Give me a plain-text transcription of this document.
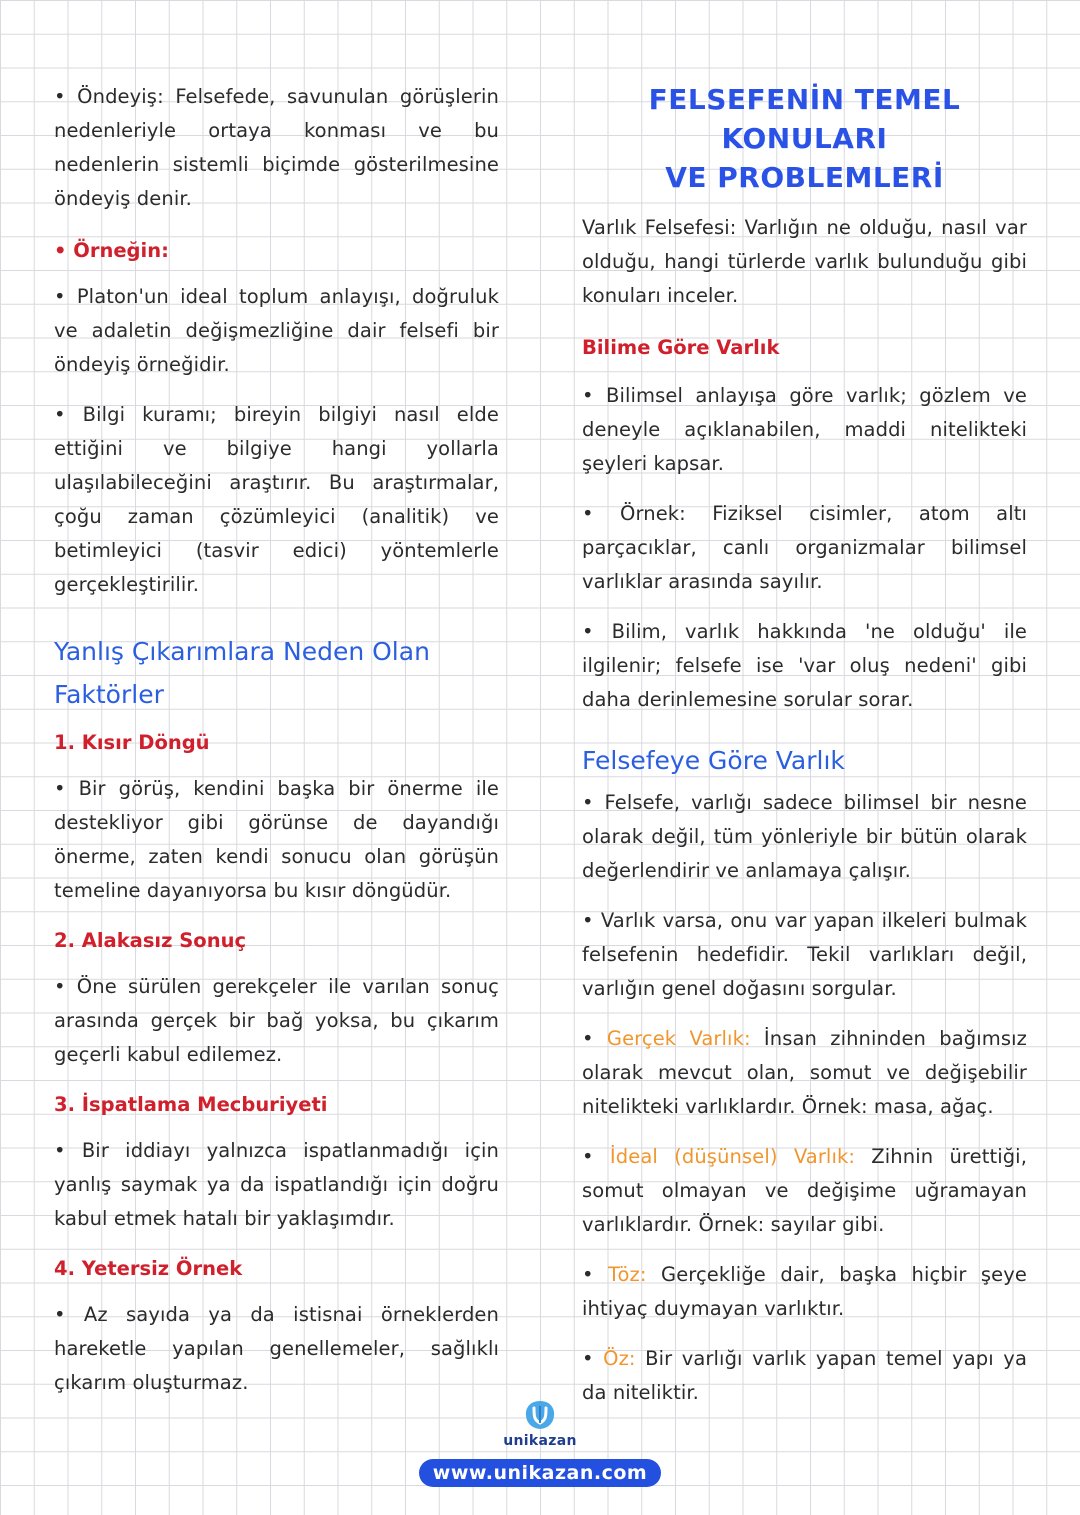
• Öndeyiş: Felsefede, savunulan görüşlerin nedenleriyle ortaya konması ve bu nedenlerin sistemli biçimde gösterilmesine öndeyiş denir.

• Örneğin:

• Platon'un ideal toplum anlayışı, doğruluk ve adaletin değişmezliğine dair felsefi bir öndeyiş örneğidir.

• Bilgi kuramı; bireyin bilgiyi nasıl elde ettiğini ve bilgiye hangi yollarla ulaşılabileceğini araştırır. Bu araştırmalar, çoğu zaman çözümleyici (analitik) ve betimleyici (tasvir edici) yöntemlerle gerçekleştirilir.

Yanlış Çıkarımlara Neden Olan Faktörler
1. Kısır Döngü

• Bir görüş, kendini başka bir önerme ile destekliyor gibi görünse de dayandığı önerme, zaten kendi sonucu olan görüşün temeline dayanıyorsa bu kısır döngüdür.

2. Alakasız Sonuç

• Öne sürülen gerekçeler ile varılan sonuç arasında gerçek bir bağ yoksa, bu çıkarım geçerli kabul edilemez.

3. İspatlama Mecburiyeti

• Bir iddiayı yalnızca ispatlanmadığı için yanlış saymak ya da ispatlandığı için doğru kabul etmek hatalı bir yaklaşımdır.

4. Yetersiz Örnek

• Az sayıda ya da istisnai örneklerden hareketle yapılan genellemeler, sağlıklı çıkarım oluşturmaz.

FELSEFENİN TEMEL KONULARI
VE PROBLEMLERİ

Varlık Felsefesi: Varlığın ne olduğu, nasıl var olduğu, hangi türlerde varlık bulunduğu gibi konuları inceler.

Bilime Göre Varlık

• Bilimsel anlayışa göre varlık; gözlem ve deneyle açıklanabilen, maddi nitelikteki şeyleri kapsar.

• Örnek: Fiziksel cisimler, atom altı parçacıklar, canlı organizmalar bilimsel varlıklar arasında sayılır.

• Bilim, varlık hakkında 'ne olduğu' ile ilgilenir; felsefe ise 'var oluş nedeni' gibi daha derinlemesine sorular sorar.

Felsefeye Göre Varlık

• Felsefe, varlığı sadece bilimsel bir nesne olarak değil, tüm yönleriyle bir bütün olarak değerlendirir ve anlamaya çalışır.

• Varlık varsa, onu var yapan ilkeleri bulmak felsefenin hedefidir. Tekil varlıkları değil, varlığın genel doğasını sorgular.

• Gerçek Varlık: İnsan zihninden bağımsız olarak mevcut olan, somut ve değişebilir nitelikteki varlıklardır. Örnek: masa, ağaç.

• İdeal (düşünsel) Varlık: Zihnin ürettiği, somut olmayan ve değişime uğramayan varlıklardır. Örnek: sayılar gibi.

• Töz: Gerçekliğe dair, başka hiçbir şeye ihtiyaç duymayan varlıktır.

• Öz: Bir varlığı varlık yapan temel yapı ya da niteliktir.

unikazan
www.unikazan.com
